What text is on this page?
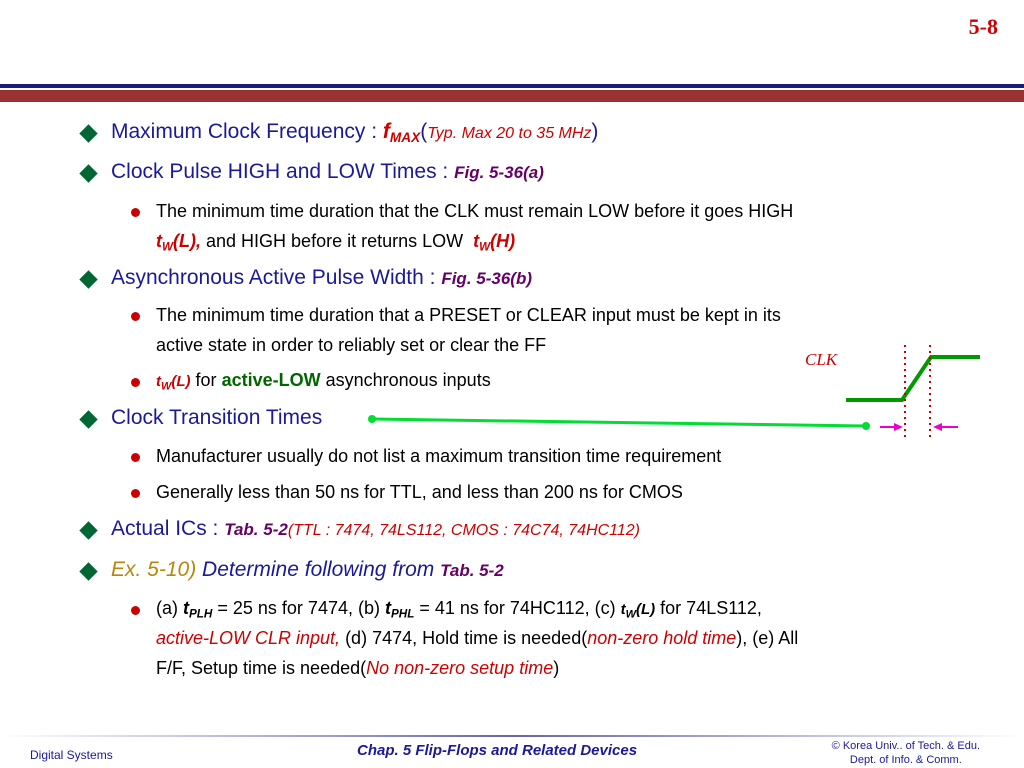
5-8
Maximum Clock Frequency : $f_{MAX}(Typ$. Max 20 to 35 MHz)
Clock Pulse HIGH and LOW Times : Fig. 5-36(a)
The minimum time duration that the CLK must remain LOW before it goes HIGH
$t_W(L)$, and HIGH before it returns LOW  $t_W(H)$
Asynchronous Active Pulse Width : Fig. 5-36(b)
The minimum time duration that a PRESET or CLEAR input must be kept in its
active state in order to reliably set or clear the FF
$t_W(L)$ for active-LOW asynchronous inputs
Clock Transition Times
Manufacturer usually do not list a maximum transition time requirement
Generally less than 50 ns for TTL, and less than 200 ns for CMOS
Actual ICs : Tab. 5-2(TTL : 7474, 74LS112, CMOS : 74C74, 74HC112)
Ex. 5-10) Determine following from Tab. 5-2
(a) $t_{PLH} = 25$ ns for 7474, (b) $t_{PHL} = 41$ ns for 74HC112, (c) $t_W(L)$ for 74LS112,
active-LOW CLR input, (d) 7474, Hold time is needed(non-zero hold time), (e) All
F/F, Setup time is needed(No non-zero setup time)
CLK
Digital Systems	Chap. 5 Flip-Flops and Related Devices	© Korea Univ.. of Tech. & Edu.
Dept. of Info. & Comm.
